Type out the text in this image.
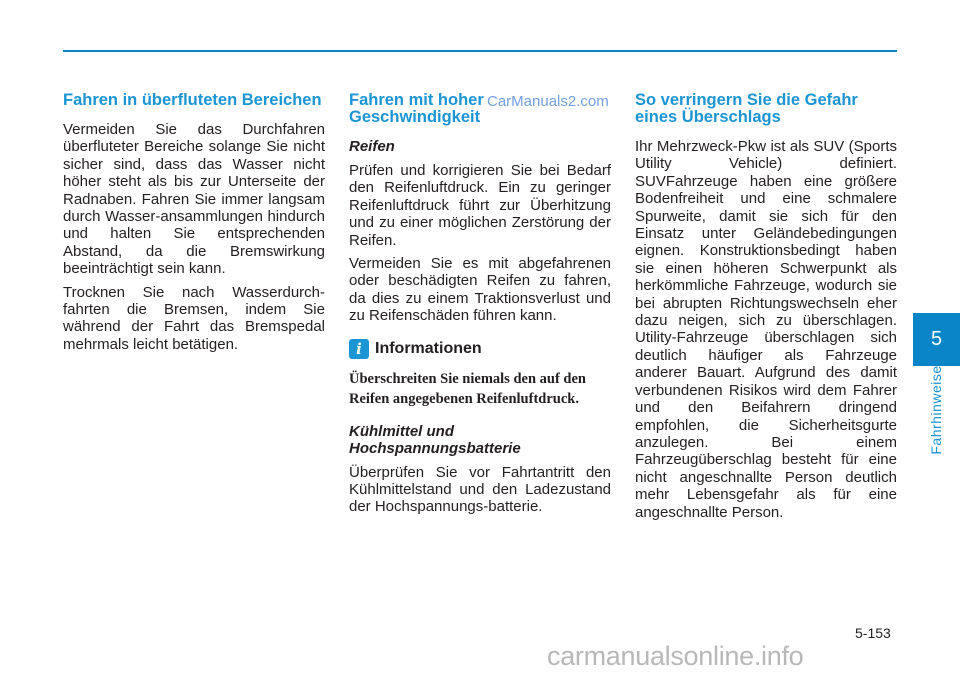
Fahren in überfluteten Bereichen

Vermeiden Sie das Durchfahren überfluteter Bereiche solange Sie nicht sicher sind, dass das Wasser nicht höher steht als bis zur Unterseite der Radnaben. Fahren Sie immer langsam durch Wasser-ansammlungen hindurch und halten Sie entsprechenden Abstand, da die Bremswirkung beeinträchtigt sein kann.

Trocknen Sie nach Wasserdurch-fahrten die Bremsen, indem Sie während der Fahrt das Bremspedal mehrmals leicht betätigen.

Fahren mit hoher Geschwindigkeit
Reifen

Prüfen und korrigieren Sie bei Bedarf den Reifenluftdruck. Ein zu geringer Reifenluftdruck führt zur Überhitzung und zu einer möglichen Zerstörung der Reifen.

Vermeiden Sie es mit abgefahrenen oder beschädigten Reifen zu fahren, da dies zu einem Traktionsverlust und zu Reifenschäden führen kann.

i Informationen

Überschreiten Sie niemals den auf den Reifen angegebenen Reifenluftdruck.

Kühlmittel und Hochspannungsbatterie

Überprüfen Sie vor Fahrtantritt den Kühlmittelstand und den Ladezustand der Hochspannungs-batterie.

So verringern Sie die Gefahr eines Überschlags

Ihr Mehrzweck-Pkw ist als SUV (Sports Utility Vehicle) definiert. SUVFahrzeuge haben eine größere Bodenfreiheit und eine schmalere Spurweite, damit sie sich für den Einsatz unter Geländebedingungen eignen. Konstruktionsbedingt haben sie einen höheren Schwerpunkt als herkömmliche Fahrzeuge, wodurch sie bei abrupten Richtungswechseln eher dazu neigen, sich zu überschlagen. Utility-Fahrzeuge überschlagen sich deutlich häufiger als Fahrzeuge anderer Bauart. Aufgrund des damit verbundenen Risikos wird dem Fahrer und den Beifahrern dringend empfohlen, die Sicherheitsgurte anzulegen. Bei einem Fahrzeugüberschlag besteht für eine nicht angeschnallte Person deutlich mehr Lebensgefahr als für eine angeschnallte Person.

CarManuals2.com
5
Fahrhinweise
5-153
carmanualsonline.info
